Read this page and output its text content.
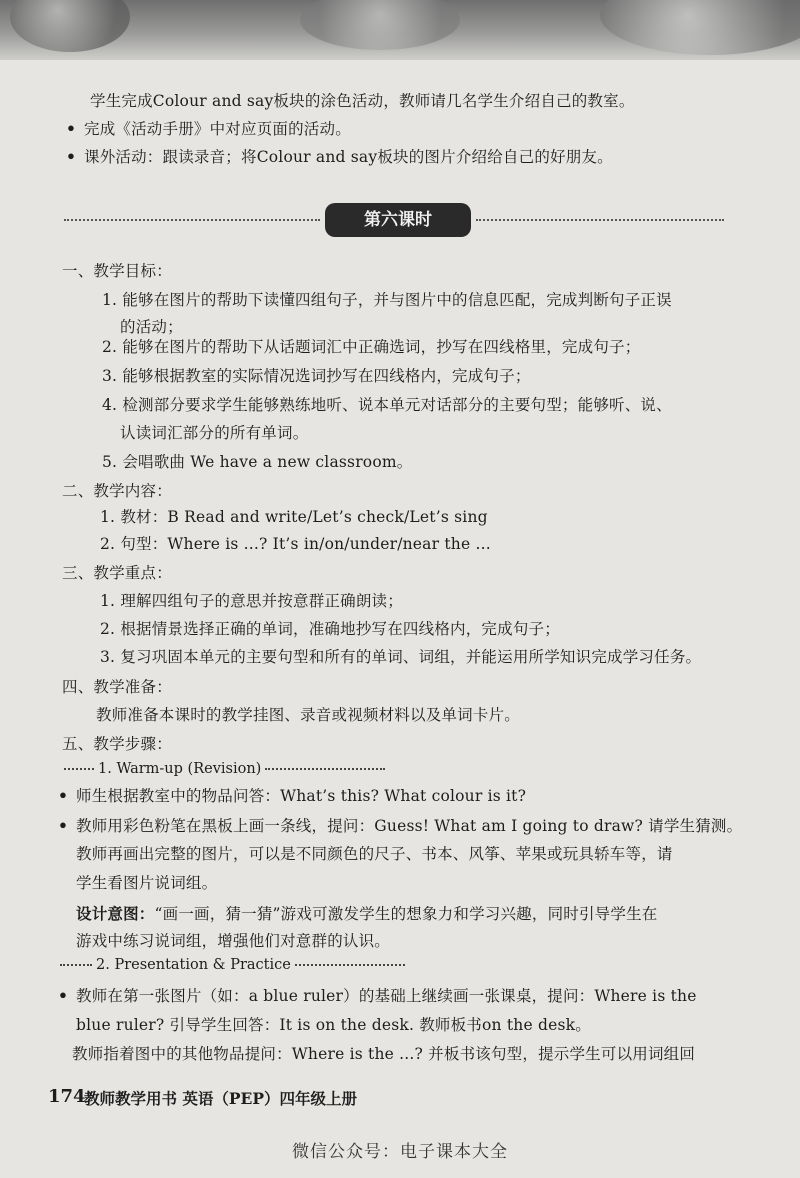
学生完成Colour and say板块的涂色活动，教师请几名学生介绍自己的教室。
• 完成《活动手册》中对应页面的活动。
• 课外活动：跟读录音；将Colour and say板块的图片介绍给自己的好朋友。
第六课时
一、教学目标：
1. 能够在图片的帮助下读懂四组句子，并与图片中的信息匹配，完成判断句子正误
的活动；
2. 能够在图片的帮助下从话题词汇中正确选词，抄写在四线格里，完成句子；
3. 能够根据教室的实际情况选词抄写在四线格内，完成句子；
4. 检测部分要求学生能够熟练地听、说本单元对话部分的主要句型；能够听、说、
认读词汇部分的所有单词。
5. 会唱歌曲 We have a new classroom。
二、教学内容：
1. 教材：B Read and write/Let’s check/Let’s sing
2. 句型：Where is ...? It’s in/on/under/near the ...
三、教学重点：
1. 理解四组句子的意思并按意群正确朗读；
2. 根据情景选择正确的单词，准确地抄写在四线格内，完成句子；
3. 复习巩固本单元的主要句型和所有的单词、词组，并能运用所学知识完成学习任务。
四、教学准备：
教师准备本课时的教学挂图、录音或视频材料以及单词卡片。
五、教学步骤：
1. Warm-up (Revision)
• 师生根据教室中的物品问答：What’s this? What colour is it?
• 教师用彩色粉笔在黑板上画一条线，提问：Guess! What am I going to draw? 请学生猜测。
教师再画出完整的图片，可以是不同颜色的尺子、书本、风筝、苹果或玩具轿车等，请
学生看图片说词组。
设计意图：“画一画，猜一猜”游戏可激发学生的想象力和学习兴趣，同时引导学生在
游戏中练习说词组，增强他们对意群的认识。
2. Presentation & Practice
• 教师在第一张图片（如：a blue ruler）的基础上继续画一张课桌，提问：Where is the
blue ruler? 引导学生回答：It is on the desk. 教师板书on the desk。
教师指着图中的其他物品提问：Where is the ...? 并板书该句型，提示学生可以用词组回
174
教师教学用书 英语（PEP）四年级上册
微信公众号：电子课本大全
